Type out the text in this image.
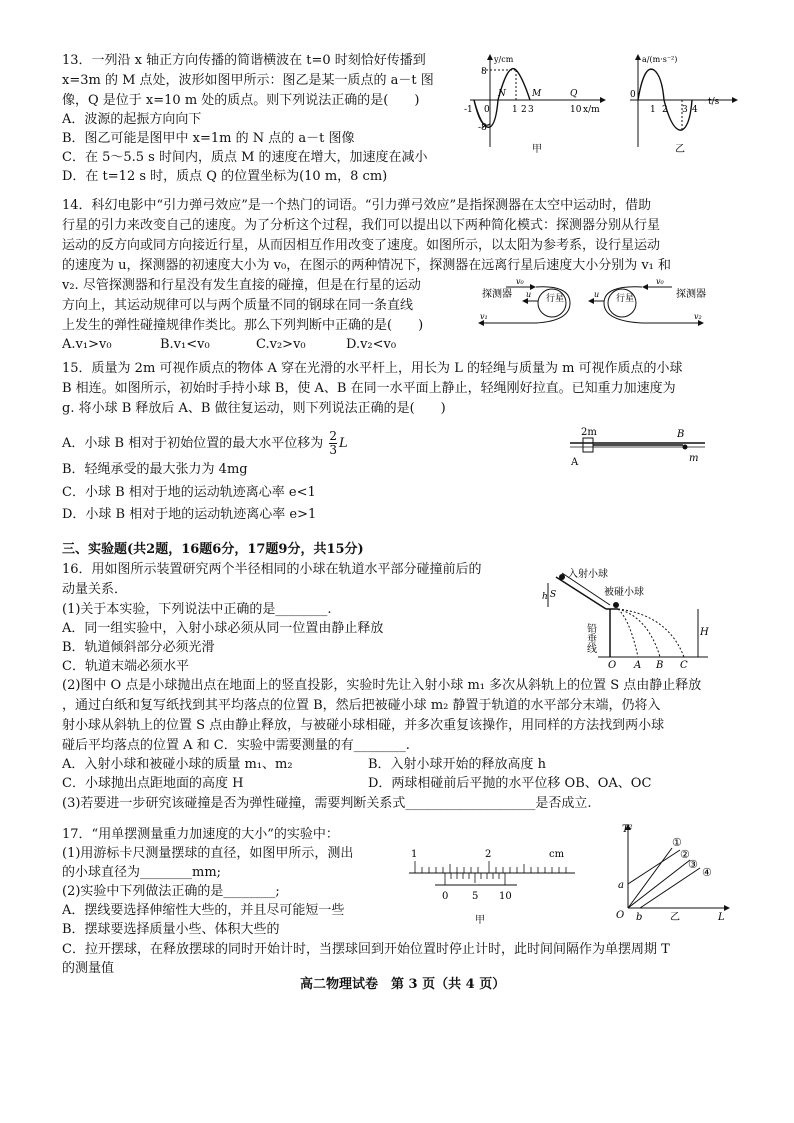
13．一列沿 x 轴正方向传播的简谐横波在 t=0 时刻恰好传播到
x=3m 的 M 点处，波形如图甲所示：图乙是某一质点的 a－t 图
像，Q 是位于 x=10 m 处的质点。则下列说法正确的是(　　)
A．波源的起振方向向下
B．图乙可能是图甲中 x=1m 的 N 点的 a－t 图像
C．在 5～5.5 s 时间内，质点 M 的速度在增大，加速度在减小
D．在 t=12 s 时，质点 Q 的位置坐标为(10 m，8 cm)
y/cm
8
-8
-1 0 1 2 3	10
N	M	Q
x/m
甲
a/(m·s⁻²)
0
1 2 3 4
t/s
乙
14．科幻电影中“引力弹弓效应”是一个热门的词语。“引力弹弓效应”是指探测器在太空中运动时，借助
行星的引力来改变自己的速度。为了分析这个过程，我们可以提出以下两种简化模式：探测器分别从行星
运动的反方向或同方向接近行星，从而因相互作用改变了速度。如图所示，以太阳为参考系，设行星运动
的速度为 u，探测器的初速度大小为 v₀，在图示的两种情况下，探测器在远离行星后速度大小分别为 v₁ 和
v₂. 尽管探测器和行星没有发生直接的碰撞，但是在行星的运动
方向上，其运动规律可以与两个质量不同的钢球在同一条直线
上发生的弹性碰撞规律作类比。那么下列判断中正确的是(　　)
A.v₁>v₀	B.v₁<v₀	C.v₂>v₀	D.v₂<v₀
探测器
v₀
行星
u
v₁
行星
u	探测器
v₀
v₂
15．质量为 2m 可视作质点的物体 A 穿在光滑的水平杆上，用长为 L 的轻绳与质量为 m 可视作质点的小球
B 相连。如图所示，初始时手持小球 B，使 A、B 在同一水平面上静止，轻绳刚好拉直。已知重力加速度为
g. 将小球 B 释放后 A、B 做往复运动，则下列说法正确的是(　　)
A．小球 B 相对于初始位置的最大水平位移为 $\frac{2}{3}$ L
B．轻绳承受的最大张力为 4mg
C．小球 B 相对于地的运动轨迹离心率 e<1
D．小球 B 相对于地的运动轨迹离心率 e>1
2m
A
B
m
三、实验题(共2题，16题6分，17题9分，共15分)
16．用如图所示装置研究两个半径相同的小球在轨道水平部分碰撞前后的
动量关系．
(1)关于本实验，下列说法中正确的是________.
A．同一组实验中，入射小球必须从同一位置由静止释放
B．轨道倾斜部分必须光滑
C．轨道末端必须水平
(2)图中 O 点是小球抛出点在地面上的竖直投影，实验时先让入射小球 m₁ 多次从斜轨上的位置 S 点由静止释放
，通过白纸和复写纸找到其平均落点的位置 B，然后把被碰小球 m₂ 静置于轨道的水平部分末端，仍将入
射小球从斜轨上的位置 S 点由静止释放，与被碰小球相碰，并多次重复该操作，用同样的方法找到两小球
碰后平均落点的位置 A 和 C．实验中需要测量的有________.
A．入射小球和被碰小球的质量 m₁、m₂	B．入射小球开始的释放高度 h
C．小球抛出点距地面的高度 H	D．两球相碰前后平抛的水平位移 OB、OA、OC
(3)若要进一步研究该碰撞是否为弹性碰撞，需要判断关系式____________________是否成立.
入射小球
被碰小球
S
h
H
铅垂线
O A B C
17．“用单摆测量重力加速度的大小”的实验中：
(1)用游标卡尺测量摆球的直径，如图甲所示，测出
的小球直径为________mm;
(2)实验中下列做法正确的是________;
A．摆线要选择伸缩性大些的，并且尽可能短一些
B．摆球要选择质量小些、体积大些的
C．拉开摆球，在释放摆球的同时开始计时，当摆球回到开始位置时停止计时，此时间间隔作为单摆周期 T
的测量值
1	2	cm
0 5 10
甲
T²
L
O
a
b
①
②
③
④
乙
高二物理试卷　第 3 页（共 4 页）
